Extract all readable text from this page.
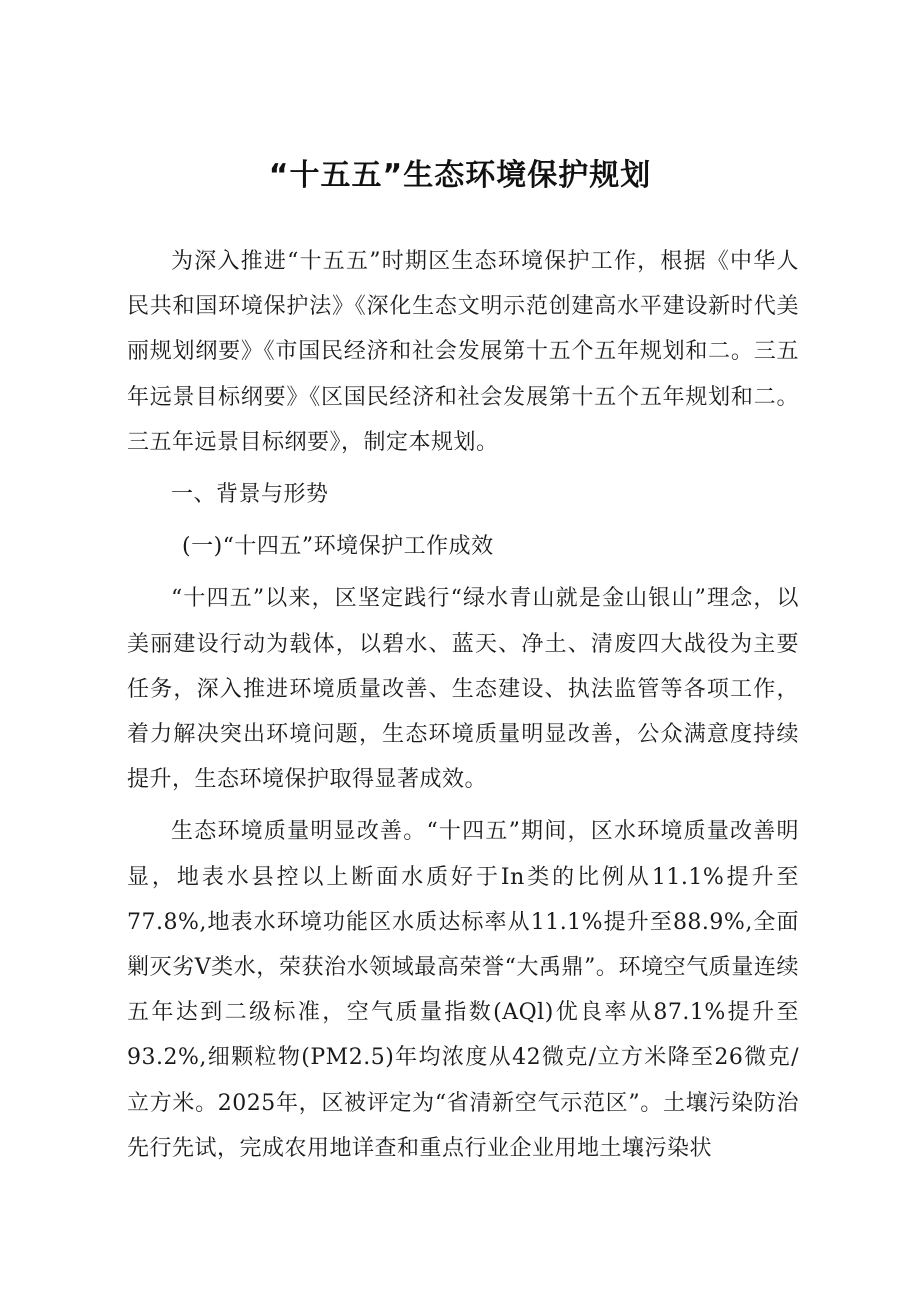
“十五五”生态环境保护规划

为深入推进“十五五”时期区生态环境保护工作，根据《中华人民共和国环境保护法》《深化生态文明示范创建高水平建设新时代美丽规划纲要》《市国民经济和社会发展第十五个五年规划和二。三五年远景目标纲要》《区国民经济和社会发展第十五个五年规划和二。三五年远景目标纲要》，制定本规划。

一、背景与形势

(一)“十四五”环境保护工作成效

“十四五”以来，区坚定践行“绿水青山就是金山银山”理念，以美丽建设行动为载体，以碧水、蓝天、净土、清废四大战役为主要任务，深入推进环境质量改善、生态建设、执法监管等各项工作，着力解决突出环境问题，生态环境质量明显改善，公众满意度持续提升，生态环境保护取得显著成效。

生态环境质量明显改善。“十四五”期间，区水环境质量改善明显，地表水县控以上断面水质好于In类的比例从11.1%提升至77.8%,地表水环境功能区水质达标率从11.1%提升至88.9%,全面剿灭劣V类水，荣获治水领域最高荣誉“大禹鼎”。环境空气质量连续五年达到二级标准，空气质量指数(AQl)优良率从87.1%提升至93.2%,细颗粒物(PM2.5)年均浓度从42微克/立方米降至26微克/立方米。2025年，区被评定为“省清新空气示范区”。土壤污染防治先行先试，完成农用地详查和重点行业企业用地土壤污染状
